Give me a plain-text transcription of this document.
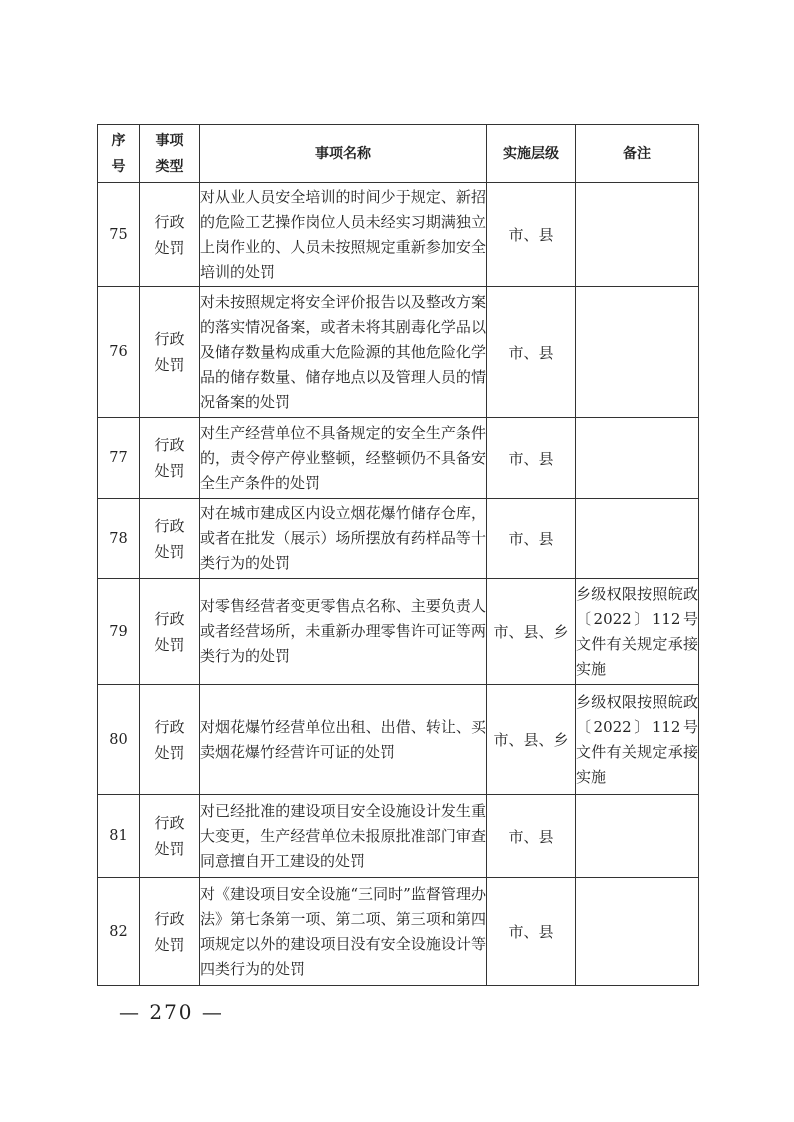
序号	事项类型	事项名称	实施层级	备注
75	行政处罚	对从业人员安全培训的时间少于规定、新招的危险工艺操作岗位人员未经实习期满独立上岗作业的、人员未按照规定重新参加安全培训的处罚	市、县	
76	行政处罚	对未按照规定将安全评价报告以及整改方案的落实情况备案，或者未将其剧毒化学品以及储存数量构成重大危险源的其他危险化学品的储存数量、储存地点以及管理人员的情况备案的处罚	市、县	
77	行政处罚	对生产经营单位不具备规定的安全生产条件的，责令停产停业整顿，经整顿仍不具备安全生产条件的处罚	市、县	
78	行政处罚	对在城市建成区内设立烟花爆竹储存仓库，或者在批发（展示）场所摆放有药样品等十类行为的处罚	市、县	
79	行政处罚	对零售经营者变更零售点名称、主要负责人或者经营场所，未重新办理零售许可证等两类行为的处罚	市、县、乡	乡级权限按照皖政〔2022〕112号文件有关规定承接实施
80	行政处罚	对烟花爆竹经营单位出租、出借、转让、买卖烟花爆竹经营许可证的处罚	市、县、乡	乡级权限按照皖政〔2022〕112号文件有关规定承接实施
81	行政处罚	对已经批准的建设项目安全设施设计发生重大变更，生产经营单位未报原批准部门审查同意擅自开工建设的处罚	市、县	
82	行政处罚	对《建设项目安全设施“三同时”监督管理办法》第七条第一项、第二项、第三项和第四项规定以外的建设项目没有安全设施设计等四类行为的处罚	市、县	
— 270 —
